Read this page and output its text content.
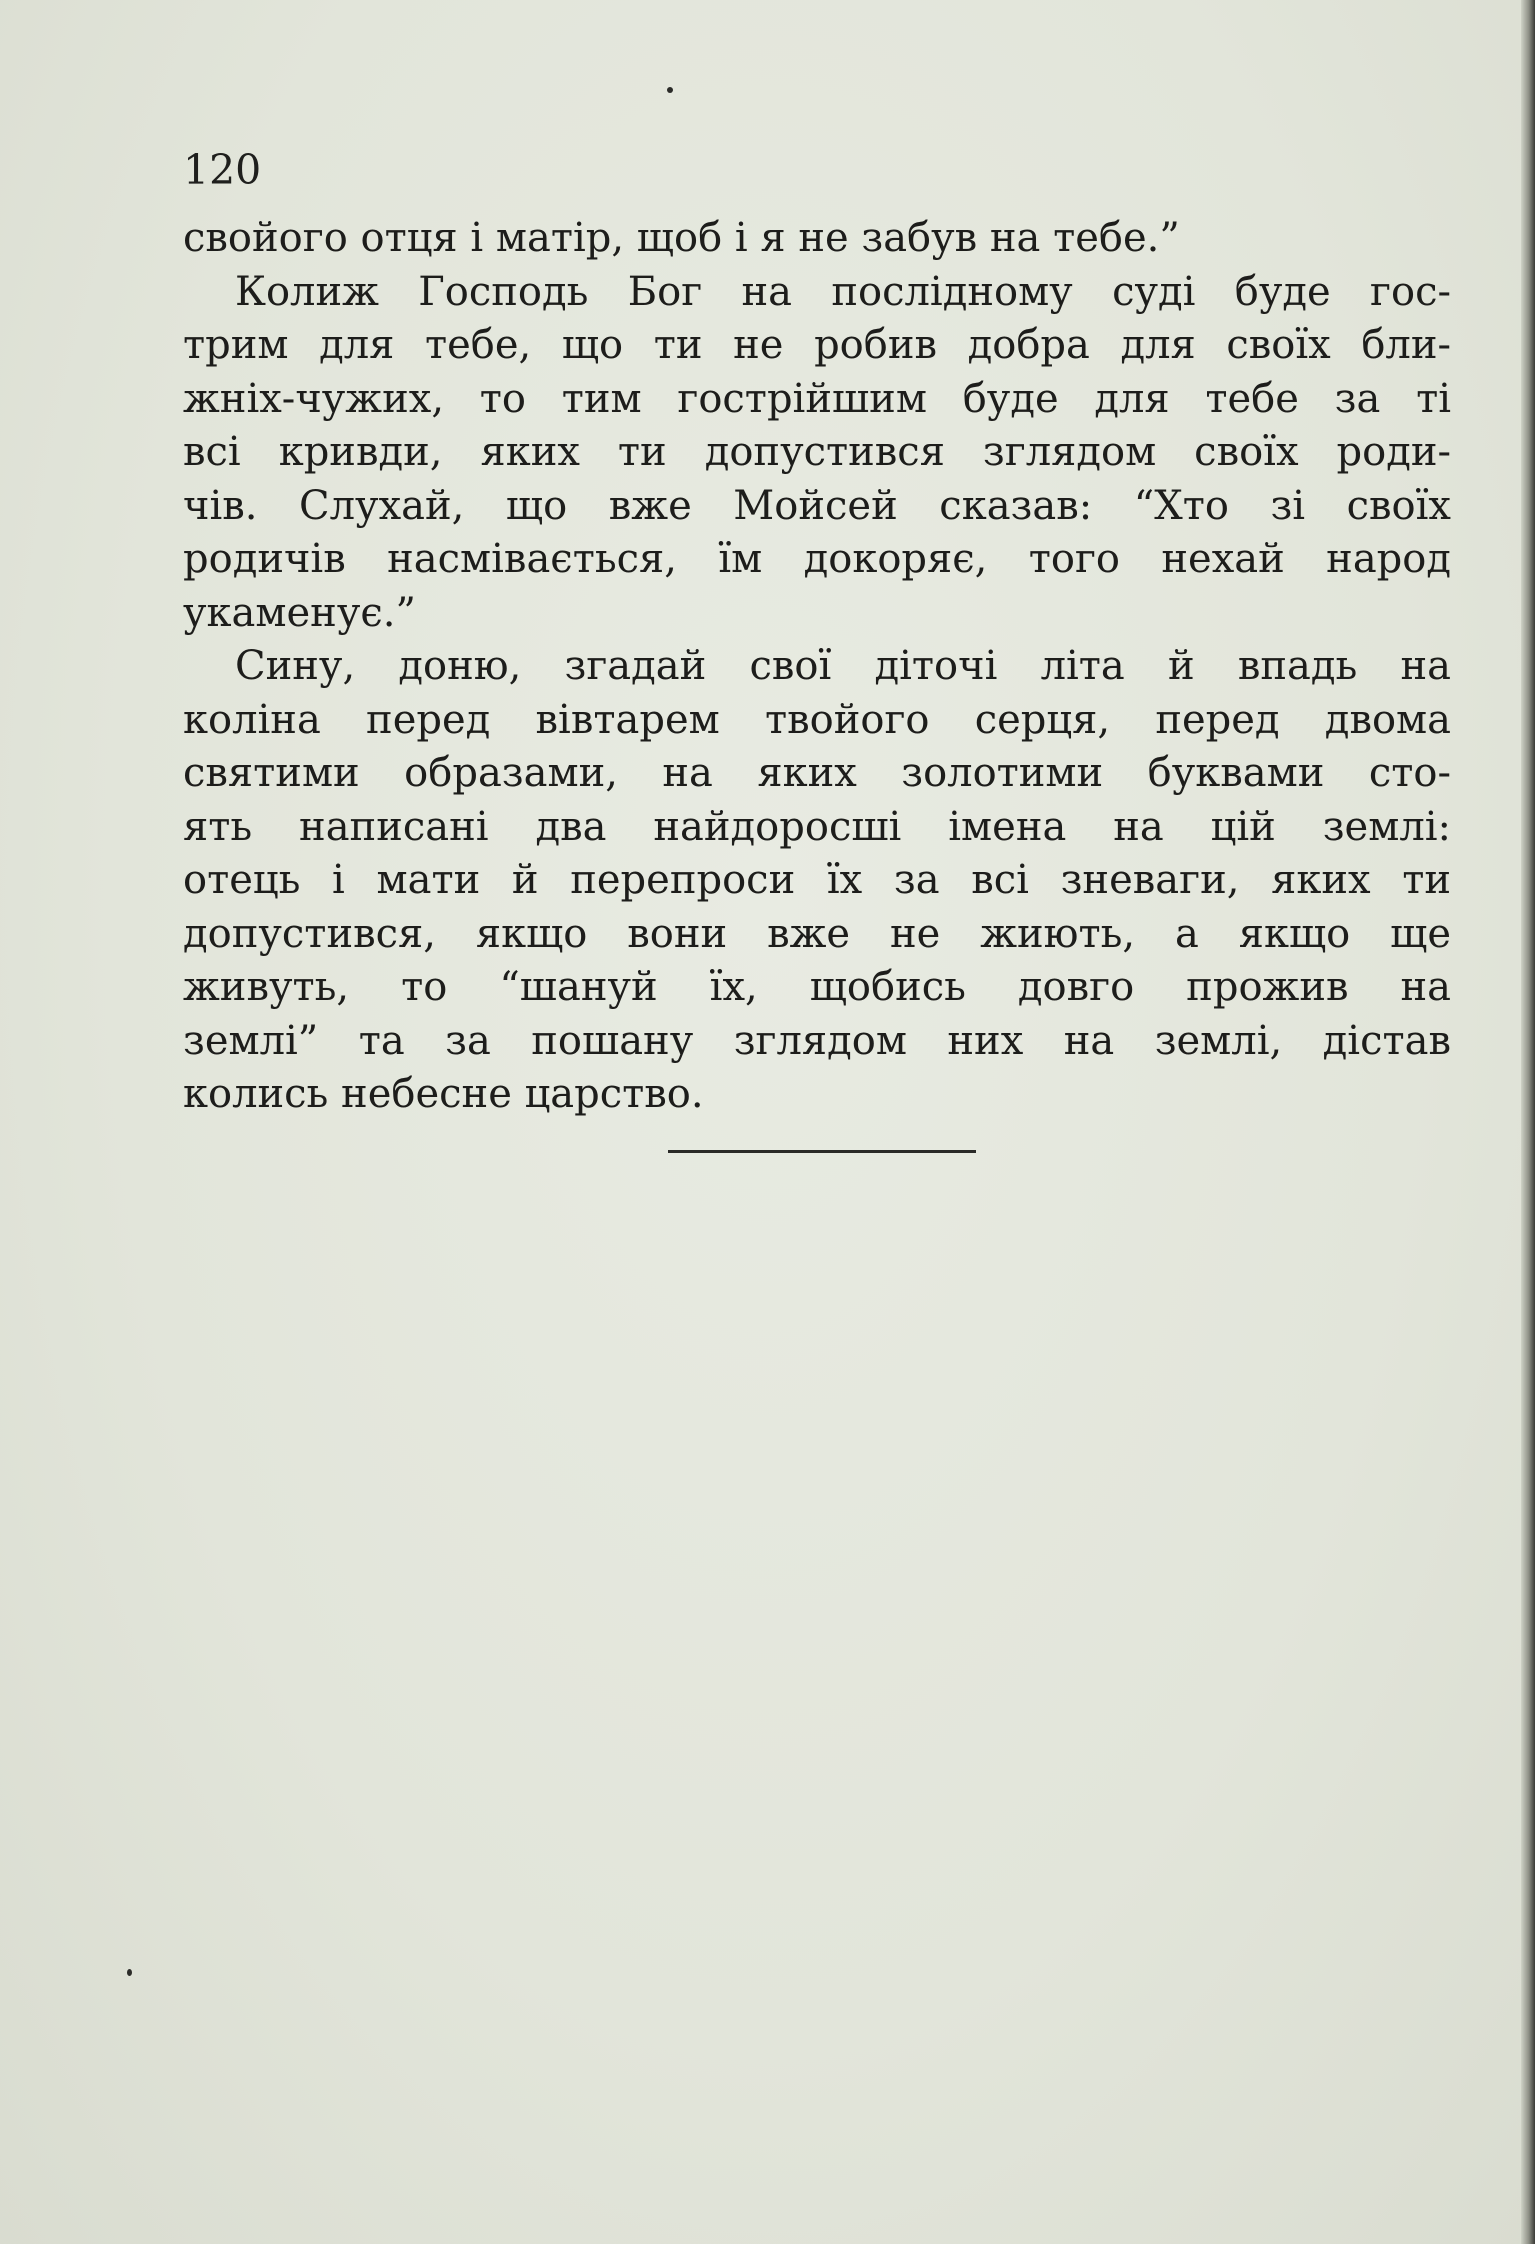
120

свойого отця і матір, щоб і я не забув на тебе.”
Колиж Господь Бог на послідному суді буде гос-
трим для тебе, що ти не робив добра для своїх бли-
жніх-чужих, то тим гострійшим буде для тебе за ті
всі кривди, яких ти допустився зглядом своїх роди-
чів. Слухай, що вже Мойсей сказав: “Хто зі своїх
родичів насмівається, їм докоряє, того нехай народ
укаменує.”
Сину, доню, згадай свої діточі літа й впадь на
коліна перед вівтарем твойого серця, перед двома
святими образами, на яких золотими буквами сто-
ять написані два найдоросші імена на цій землі:
отець і мати й перепроси їх за всі зневаги, яких ти
допустився, якщо вони вже не жиють, а якщо ще
живуть, то “шануй їх, щобись довго прожив на
землі” та за пошану зглядом них на землі, дістав
колись небесне царство.
